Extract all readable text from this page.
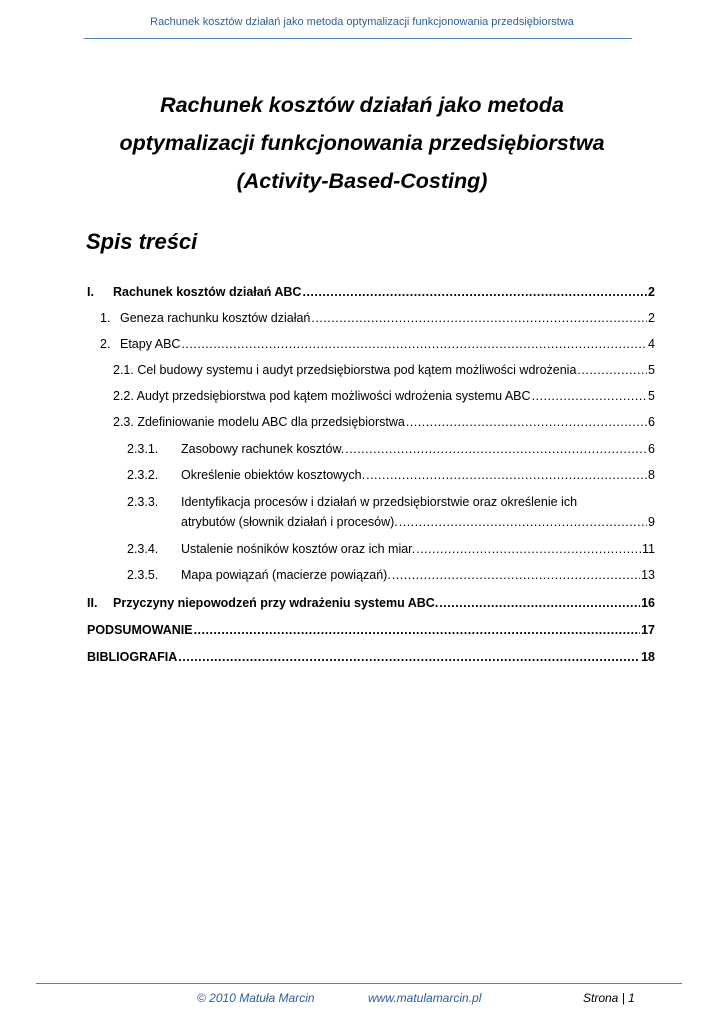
Rachunek kosztów działań jako metoda optymalizacji funkcjonowania przedsiębiorstwa
Rachunek kosztów działań jako metoda
optymalizacji funkcjonowania przedsiębiorstwa
(Activity-Based-Costing)
Spis treści
I.	Rachunek kosztów działań ABC .....	2
1. Geneza rachunku kosztów działań .....	2
2. Etapy ABC .....	4
2.1. Cel budowy systemu i audyt przedsiębiorstwa pod kątem możliwości wdrożenia .....	5
2.2. Audyt przedsiębiorstwa pod kątem możliwości wdrożenia systemu ABC .....	5
2.3. Zdefiniowanie modelu ABC dla przedsiębiorstwa .....	6
2.3.1.	Zasobowy rachunek kosztów. .....	6
2.3.2.	Określenie obiektów kosztowych. .....	8
2.3.3. Identyfikacja procesów i działań w przedsiębiorstwie oraz określenie ich
atrybutów (słownik działań i procesów). .....	9
2.3.4.	Ustalenie nośników kosztów oraz ich miar. .....	11
2.3.5.	Mapa powiązań (macierze powiązań). .....	13
II.	Przyczyny niepowodzeń przy wdrażeniu systemu ABC. .....	16
PODSUMOWANIE .....	17
BIBLIOGRAFIA .....	18
© 2010 Matuła Marcin	www.matulamarcin.pl	Strona | 1
